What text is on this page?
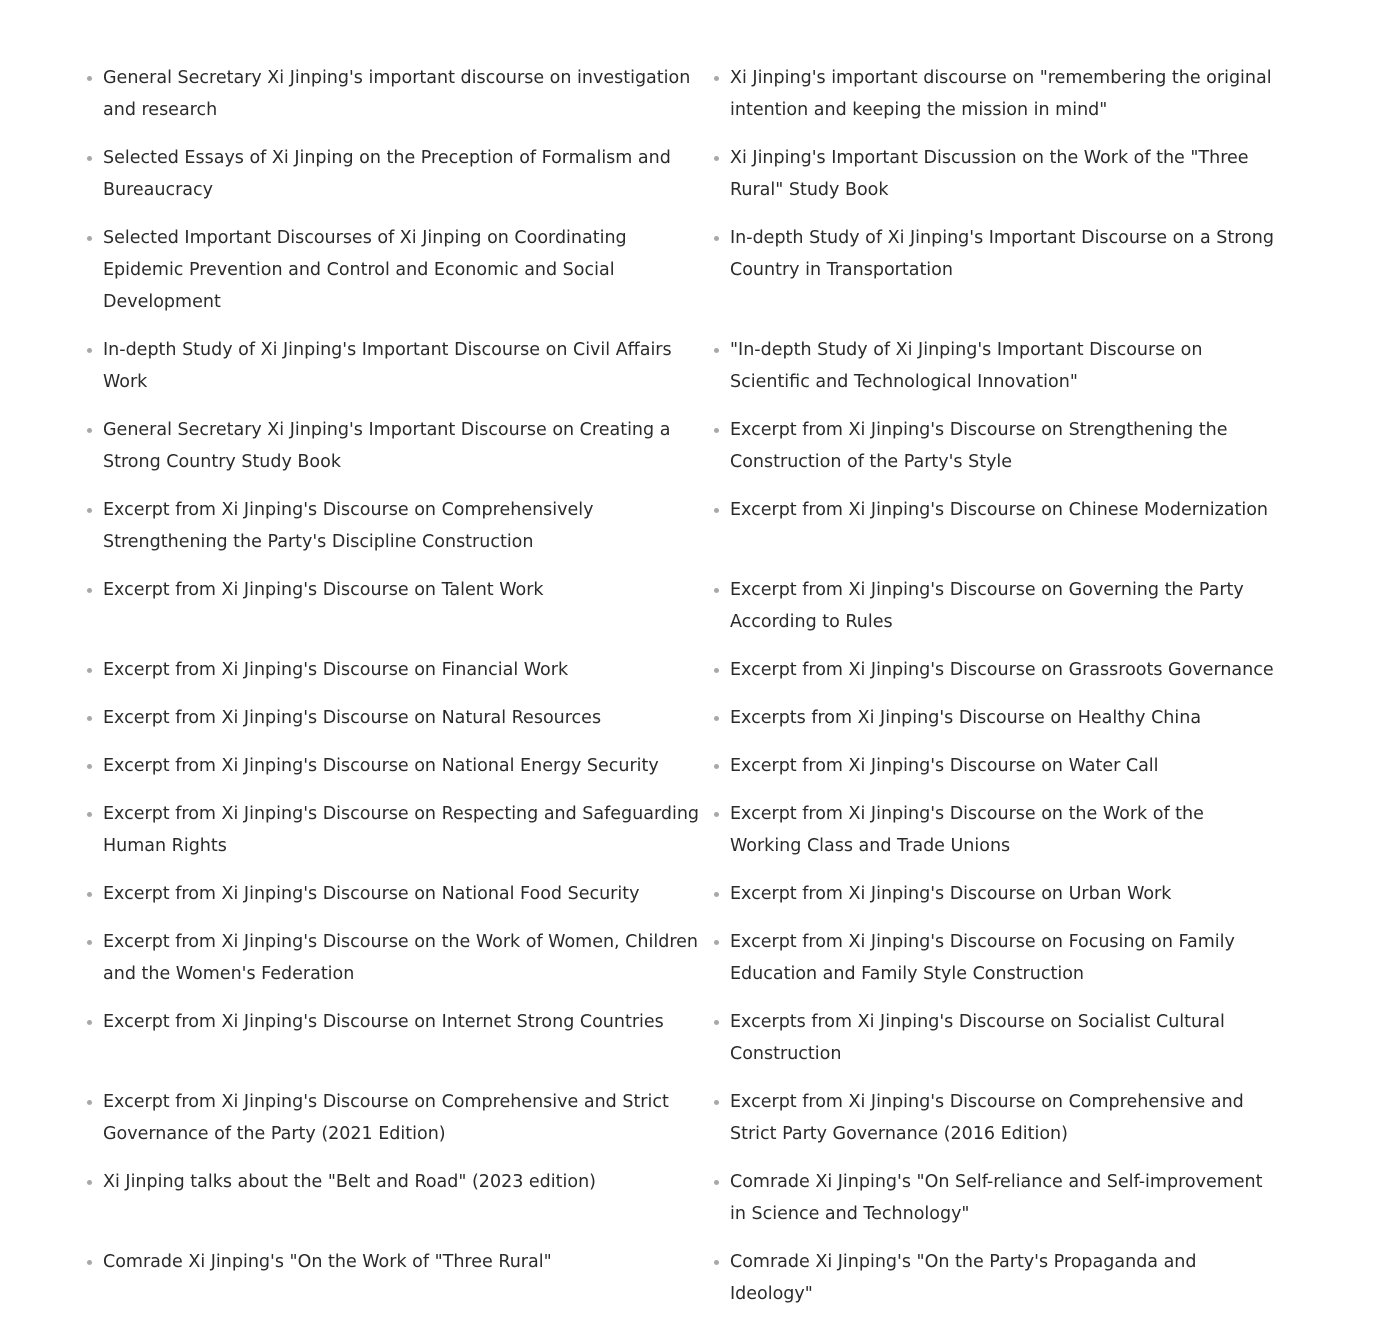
General Secretary Xi Jinping's important discourse on investigation and research
Xi Jinping's important discourse on "remembering the original intention and keeping the mission in mind"
Selected Essays of Xi Jinping on the Preception of Formalism and Bureaucracy
Xi Jinping's Important Discussion on the Work of the "Three Rural" Study Book
Selected Important Discourses of Xi Jinping on Coordinating Epidemic Prevention and Control and Economic and Social Development
In-depth Study of Xi Jinping's Important Discourse on a Strong Country in Transportation
In-depth Study of Xi Jinping's Important Discourse on Civil Affairs Work
"In-depth Study of Xi Jinping's Important Discourse on Scientific and Technological Innovation"
General Secretary Xi Jinping's Important Discourse on Creating a Strong Country Study Book
Excerpt from Xi Jinping's Discourse on Strengthening the Construction of the Party's Style
Excerpt from Xi Jinping's Discourse on Comprehensively Strengthening the Party's Discipline Construction
Excerpt from Xi Jinping's Discourse on Chinese Modernization
Excerpt from Xi Jinping's Discourse on Talent Work	Excerpt from Xi Jinping's Discourse on Governing the Party According to Rules
Excerpt from Xi Jinping's Discourse on Financial Work	Excerpt from Xi Jinping's Discourse on Grassroots Governance
Excerpt from Xi Jinping's Discourse on Natural Resources	Excerpts from Xi Jinping's Discourse on Healthy China
Excerpt from Xi Jinping's Discourse on National Energy Security	Excerpt from Xi Jinping's Discourse on Water Call
Excerpt from Xi Jinping's Discourse on Respecting and Safeguarding Human Rights
Excerpt from Xi Jinping's Discourse on the Work of the Working Class and Trade Unions
Excerpt from Xi Jinping's Discourse on National Food Security	Excerpt from Xi Jinping's Discourse on Urban Work
Excerpt from Xi Jinping's Discourse on the Work of Women, Children and the Women's Federation
Excerpt from Xi Jinping's Discourse on Focusing on Family Education and Family Style Construction
Excerpt from Xi Jinping's Discourse on Internet Strong Countries	Excerpts from Xi Jinping's Discourse on Socialist Cultural Construction
Excerpt from Xi Jinping's Discourse on Comprehensive and Strict Governance of the Party (2021 Edition)
Excerpt from Xi Jinping's Discourse on Comprehensive and Strict Party Governance (2016 Edition)
Xi Jinping talks about the "Belt and Road" (2023 edition)	Comrade Xi Jinping's "On Self-reliance and Self-improvement in Science and Technology"
Comrade Xi Jinping's "On the Work of "Three Rural"	Comrade Xi Jinping's "On the Party's Propaganda and Ideology"
